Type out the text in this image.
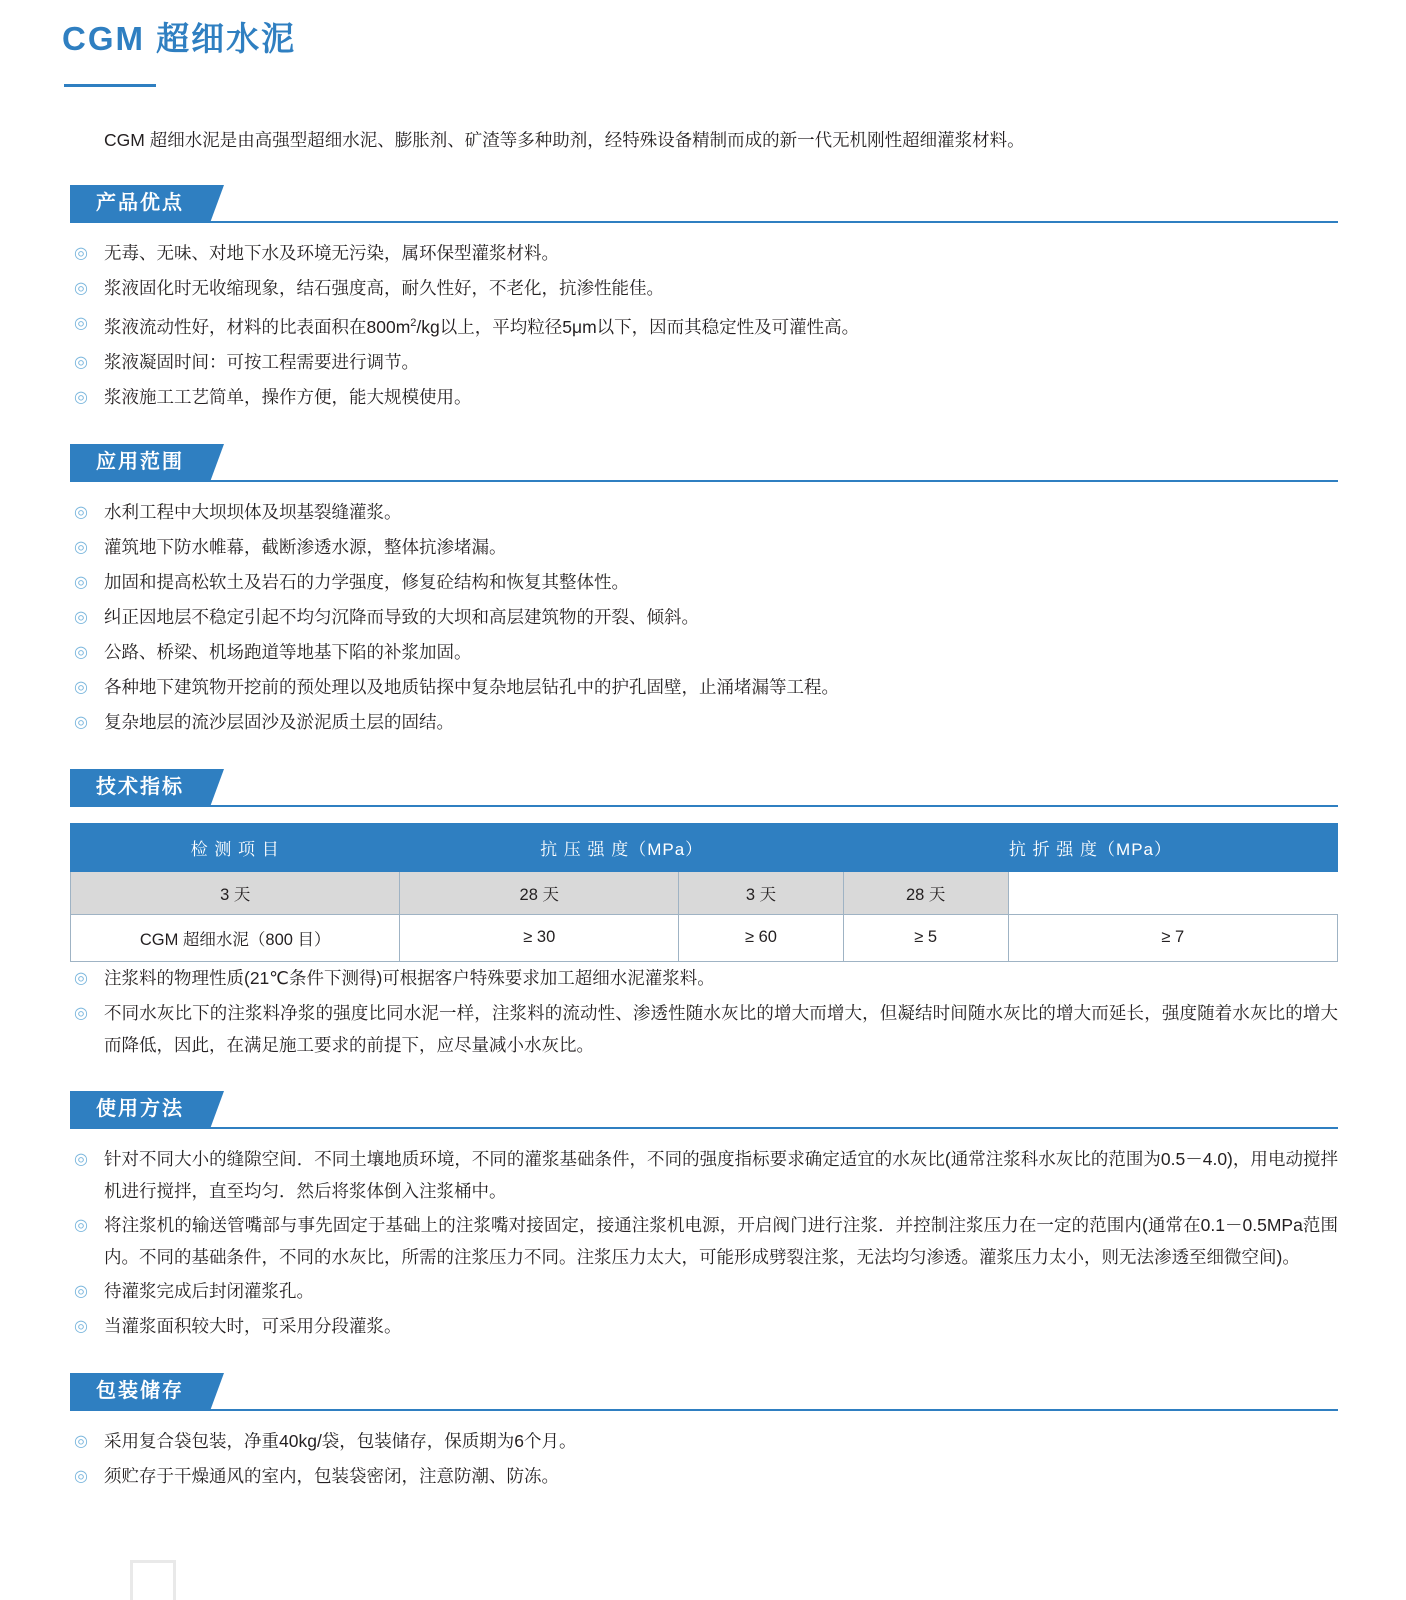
CGM 超细水泥

CGM 超细水泥是由高强型超细水泥、膨胀剂、矿渣等多种助剂，经特殊设备精制而成的新一代无机刚性超细灌浆材料。

产品优点
◎ 无毒、无味、对地下水及环境无污染，属环保型灌浆材料。
◎ 浆液固化时无收缩现象，结石强度高，耐久性好，不老化，抗渗性能佳。
◎ 浆液流动性好，材料的比表面积在$800m^2/kg$以上，平均粒径5μm以下，因而其稳定性及可灌性高。
◎ 浆液凝固时间：可按工程需要进行调节。
◎ 浆液施工工艺简单，操作方便，能大规模使用。
应用范围
◎ 水利工程中大坝坝体及坝基裂缝灌浆。
◎ 灌筑地下防水帷幕，截断渗透水源，整体抗渗堵漏。
◎ 加固和提高松软土及岩石的力学强度，修复砼结构和恢复其整体性。
◎ 纠正因地层不稳定引起不均匀沉降而导致的大坝和高层建筑物的开裂、倾斜。
◎ 公路、桥梁、机场跑道等地基下陷的补浆加固。
◎ 各种地下建筑物开挖前的预处理以及地质钻探中复杂地层钻孔中的护孔固壁，止涌堵漏等工程。
◎ 复杂地层的流沙层固沙及淤泥质土层的固结。
技术指标
检 测 项 目	抗 压 强 度（MPa）		抗 折 强 度（MPa）	
3 天	28 天	3 天	28 天	
CGM 超细水泥（800 目）	≥ 30	≥ 60	≥ 5	≥ 7
◎ 注浆料的物理性质(21℃条件下测得)可根据客户特殊要求加工超细水泥灌浆料。
◎ 不同水灰比下的注浆料净浆的强度比同水泥一样，注浆料的流动性、渗透性随水灰比的增大而增大，但凝结时间随水灰比的增大而延长，强度随着水灰比的增大而降低，因此，在满足施工要求的前提下，应尽量减小水灰比。
使用方法
◎ 针对不同大小的缝隙空间．不同土壤地质环境，不同的灌浆基础条件，不同的强度指标要求确定适宜的水灰比(通常注浆科水灰比的范围为0.5－4.0)，用电动搅拌机进行搅拌，直至均匀．然后将浆体倒入注浆桶中。
◎ 将注浆机的输送管嘴部与事先固定于基础上的注浆嘴对接固定，接通注浆机电源，开启阀门进行注浆．并控制注浆压力在一定的范围内(通常在0.1－0.5MPa范围内。不同的基础条件，不同的水灰比，所需的注浆压力不同。注浆压力太大，可能形成劈裂注浆，无法均匀渗透。灌浆压力太小，则无法渗透至细微空间)。
◎ 待灌浆完成后封闭灌浆孔。
◎ 当灌浆面积较大时，可采用分段灌浆。
包装储存
◎ 采用复合袋包装，净重40kg/袋，包装储存，保质期为6个月。
◎ 须贮存于干燥通风的室内，包装袋密闭，注意防潮、防冻。
